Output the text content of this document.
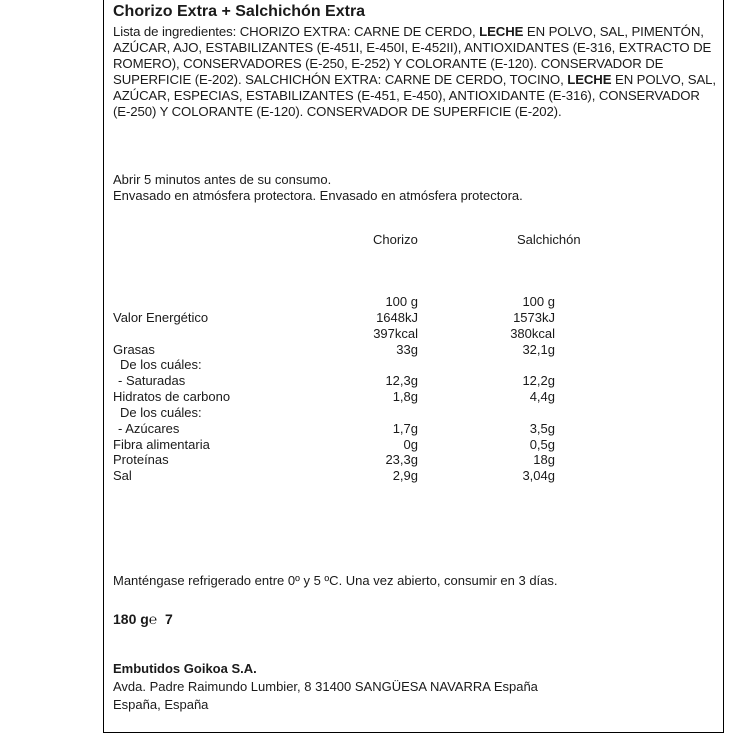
Chorizo Extra + Salchichón Extra
Lista de ingredientes: CHORIZO EXTRA: CARNE DE CERDO, LECHE EN POLVO, SAL, PIMENTÓN, AZÚCAR, AJO, ESTABILIZANTES (E-451I, E-450I, E-452II), ANTIOXIDANTES (E-316, EXTRACTO DE ROMERO), CONSERVADORES (E-250, E-252) Y COLORANTE (E-120). CONSERVADOR DE SUPERFICIE (E-202). SALCHICHÓN EXTRA: CARNE DE CERDO, TOCINO, LECHE EN POLVO, SAL, AZÚCAR, ESPECIAS, ESTABILIZANTES (E-451, E-450), ANTIOXIDANTE (E-316), CONSERVADOR (E-250) Y COLORANTE (E-120). CONSERVADOR DE SUPERFICIE (E-202).
Abrir 5 minutos antes de su consumo.
Envasado en atmósfera protectora. Envasado en atmósfera protectora.
Chorizo	Salchichón
100 g	100 g
Valor Energético	1648kJ	1573kJ
397kcal	380kcal
Grasas	33g	32,1g
De los cuáles:
- Saturadas	12,3g	12,2g
Hidratos de carbono	1,8g	4,4g
De los cuáles:
- Azúcares	1,7g	3,5g
Fibra alimentaria	0g	0,5g
Proteínas	23,3g	18g
Sal	2,9g	3,04g
Manténgase refrigerado entre 0º y 5 ºC. Una vez abierto, consumir en 3 días.
180 g℮ 7
Embutidos Goikoa S.A.
Avda. Padre Raimundo Lumbier, 8 31400 SANGÜESA NAVARRA España
España, España
